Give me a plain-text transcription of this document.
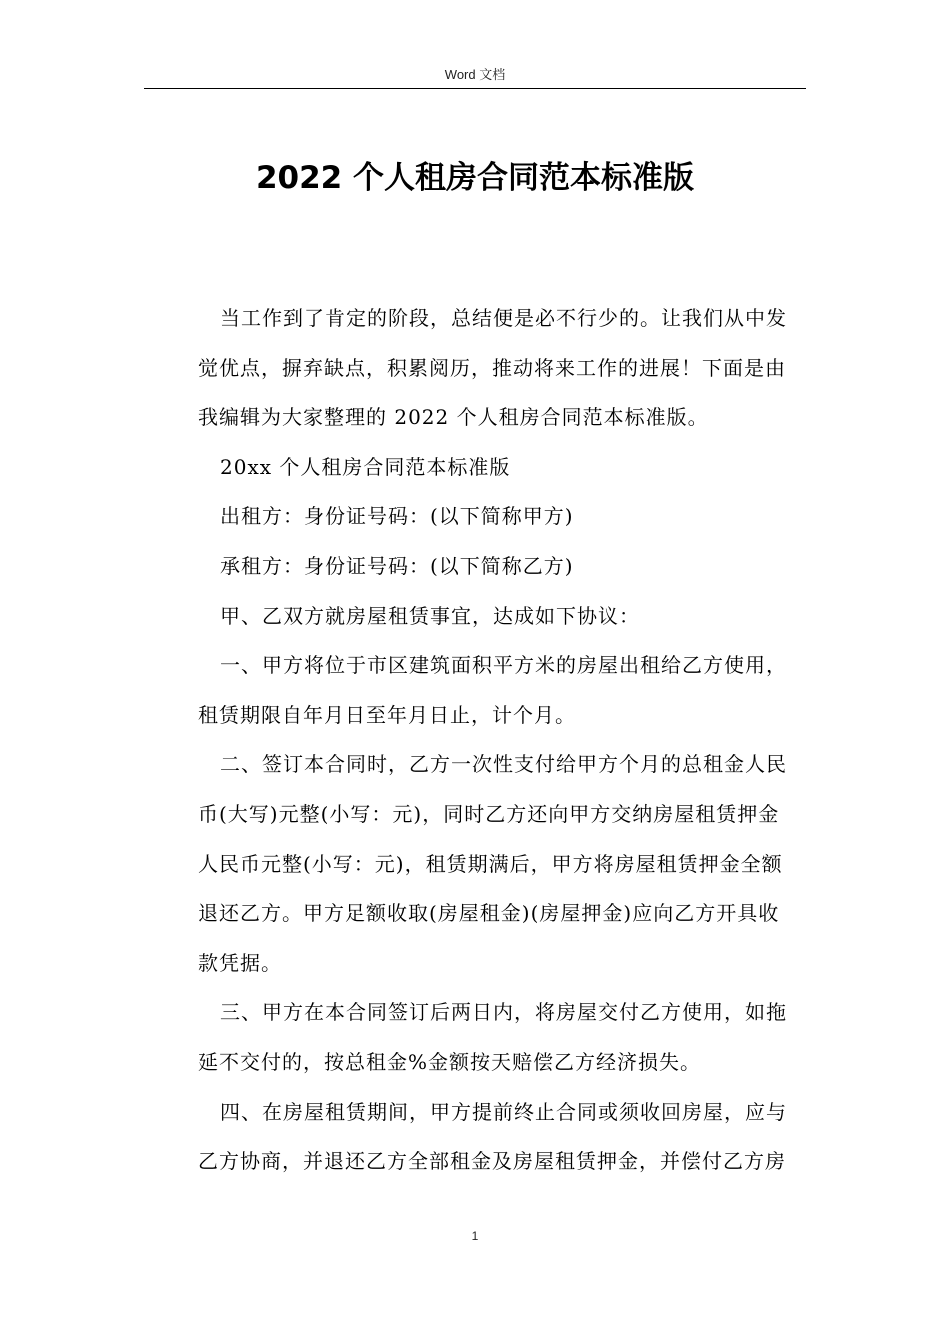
Word 文档
2022 个人租房合同范本标准版

当工作到了肯定的阶段，总结便是必不行少的。让我们从中发
觉优点，摒弃缺点，积累阅历，推动将来工作的进展！下面是由
我编辑为大家整理的 2022 个人租房合同范本标准版。

20xx 个人租房合同范本标准版

出租方：身份证号码：(以下简称甲方)

承租方：身份证号码：(以下简称乙方)

甲、乙双方就房屋租赁事宜，达成如下协议：

一、甲方将位于市区建筑面积平方米的房屋出租给乙方使用，
租赁期限自年月日至年月日止，计个月。

二、签订本合同时，乙方一次性支付给甲方个月的总租金人民
币(大写)元整(小写：元)，同时乙方还向甲方交纳房屋租赁押金
人民币元整(小写：元)，租赁期满后，甲方将房屋租赁押金全额
退还乙方。甲方足额收取(房屋租金)(房屋押金)应向乙方开具收
款凭据。

三、甲方在本合同签订后两日内，将房屋交付乙方使用，如拖
延不交付的，按总租金%金额按天赔偿乙方经济损失。

四、在房屋租赁期间，甲方提前终止合同或须收回房屋，应与
乙方协商，并退还乙方全部租金及房屋租赁押金，并偿付乙方房

1
